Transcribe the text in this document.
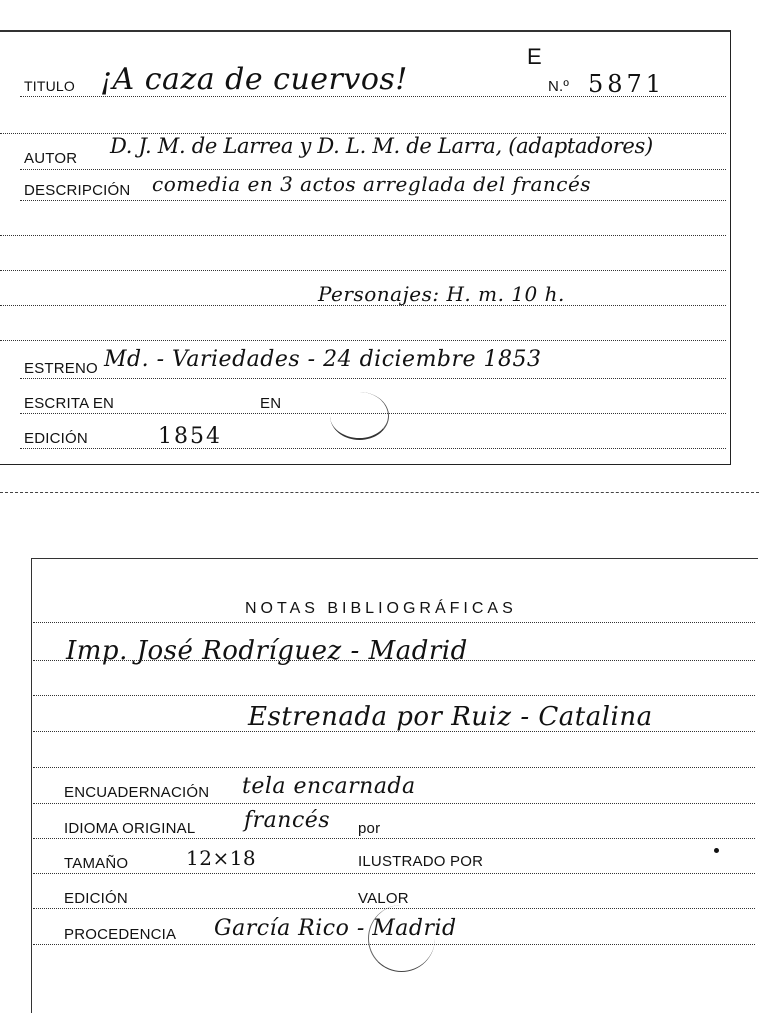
TITULO ¡A caza de cuervos!
E
N.º 5871
AUTOR
D. J. M. de Larrea y D. L. M. de Larra, (adaptadores)
DESCRIPCIÓN comedia en 3 actos arreglada del francés
Personajes: H. m. 10 h.
ESTRENO Md. - Variedades - 24 diciembre 1853
ESCRITA EN	EN
EDICIÓN	1854
NOTAS BIBLIOGRÁFICAS
Imp. José Rodríguez - Madrid
Estrenada por Ruiz - Catalina
ENCUADERNACIÓN tela encarnada
IDIOMA ORIGINAL francés por
TAMAÑO	12×18	ILUSTRADO POR
EDICIÓN	VALOR
PROCEDENCIA García Rico - Madrid
